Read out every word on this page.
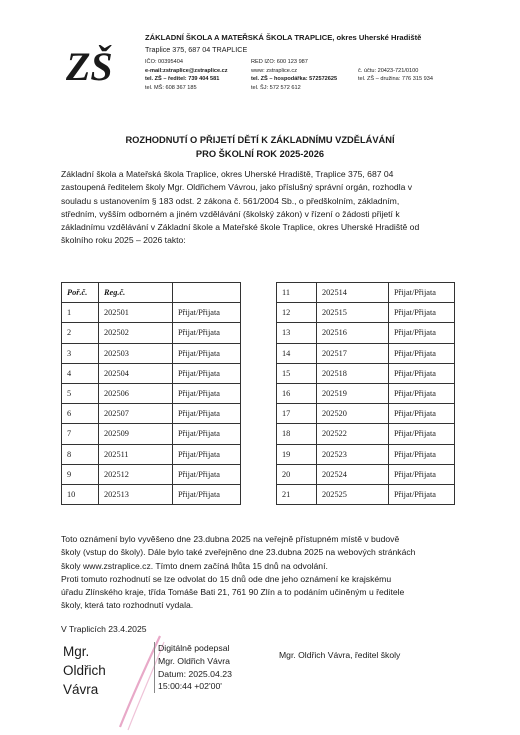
ZŠ
ZÁKLADNÍ ŠKOLA A MATEŘSKÁ ŠKOLA TRAPLICE, okres Uherské Hradiště
Traplice 375, 687 04 TRAPLICE
IČO: 00395404
e-mail:zstraplice@zstraplice.cz
tel. ZŠ – ředitel: 739 404 581
tel. MŠ: 608 367 185
RED IZO: 600 123 987
www: zstraplice.cz
tel. ZŠ – hospodářka: 572572625
tel. ŠJ: 572 572 612
č. účtu: 20423-721/0100
tel. ZŠ – družina: 776 315 934
ROZHODNUTÍ O PŘIJETÍ DĚTÍ K ZÁKLADNÍMU VZDĚLÁVÁNÍ
PRO ŠKOLNÍ ROK 2025-2026
Základní škola a Mateřská škola Traplice, okres Uherské Hradiště, Traplice 375, 687 04
zastoupená ředitelem školy Mgr. Oldřichem Vávrou, jako příslušný správní orgán, rozhodla v
souladu s ustanovením § 183 odst. 2 zákona č. 561/2004 Sb., o předškolním, základním,
středním, vyšším odborném a jiném vzdělávání (školský zákon) v řízení o žádosti přijetí k
základnímu vzdělávání v Základní škole a Mateřské škole Traplice, okres Uherské Hradiště od
školního roku 2025 – 2026 takto:
Poř.č.	Reg.č.	
1	202501	Přijat/Přijata
2	202502	Přijat/Přijata
3	202503	Přijat/Přijata
4	202504	Přijat/Přijata
5	202506	Přijat/Přijata
6	202507	Přijat/Přijata
7	202509	Přijat/Přijata
8	202511	Přijat/Přijata
9	202512	Přijat/Přijata
10	202513	Přijat/Přijata
11	202514	Přijat/Přijata
12	202515	Přijat/Přijata
13	202516	Přijat/Přijata
14	202517	Přijat/Přijata
15	202518	Přijat/Přijata
16	202519	Přijat/Přijata
17	202520	Přijat/Přijata
18	202522	Přijat/Přijata
19	202523	Přijat/Přijata
20	202524	Přijat/Přijata
21	202525	Přijat/Přijata
Toto oznámení bylo vyvěšeno dne 23.dubna 2025 na veřejně přístupném místě v budově
školy (vstup do školy). Dále bylo také zveřejněno dne 23.dubna 2025 na webových stránkách
školy www.zstraplice.cz. Tímto dnem začíná lhůta 15 dnů na odvolání.
Proti tomuto rozhodnutí se lze odvolat do 15 dnů ode dne jeho oznámení ke krajskému
úřadu Zlínského kraje, třída Tomáše Bati 21, 761 90 Zlín a to podáním učiněným u ředitele
školy, která tato rozhodnutí vydala.
V Traplicích 23.4.2025
Mgr.
Oldřich
Vávra
Digitálně podepsal
Mgr. Oldřich Vávra
Datum: 2025.04.23
15:00:44 +02'00'
Mgr. Oldřich Vávra, ředitel školy
